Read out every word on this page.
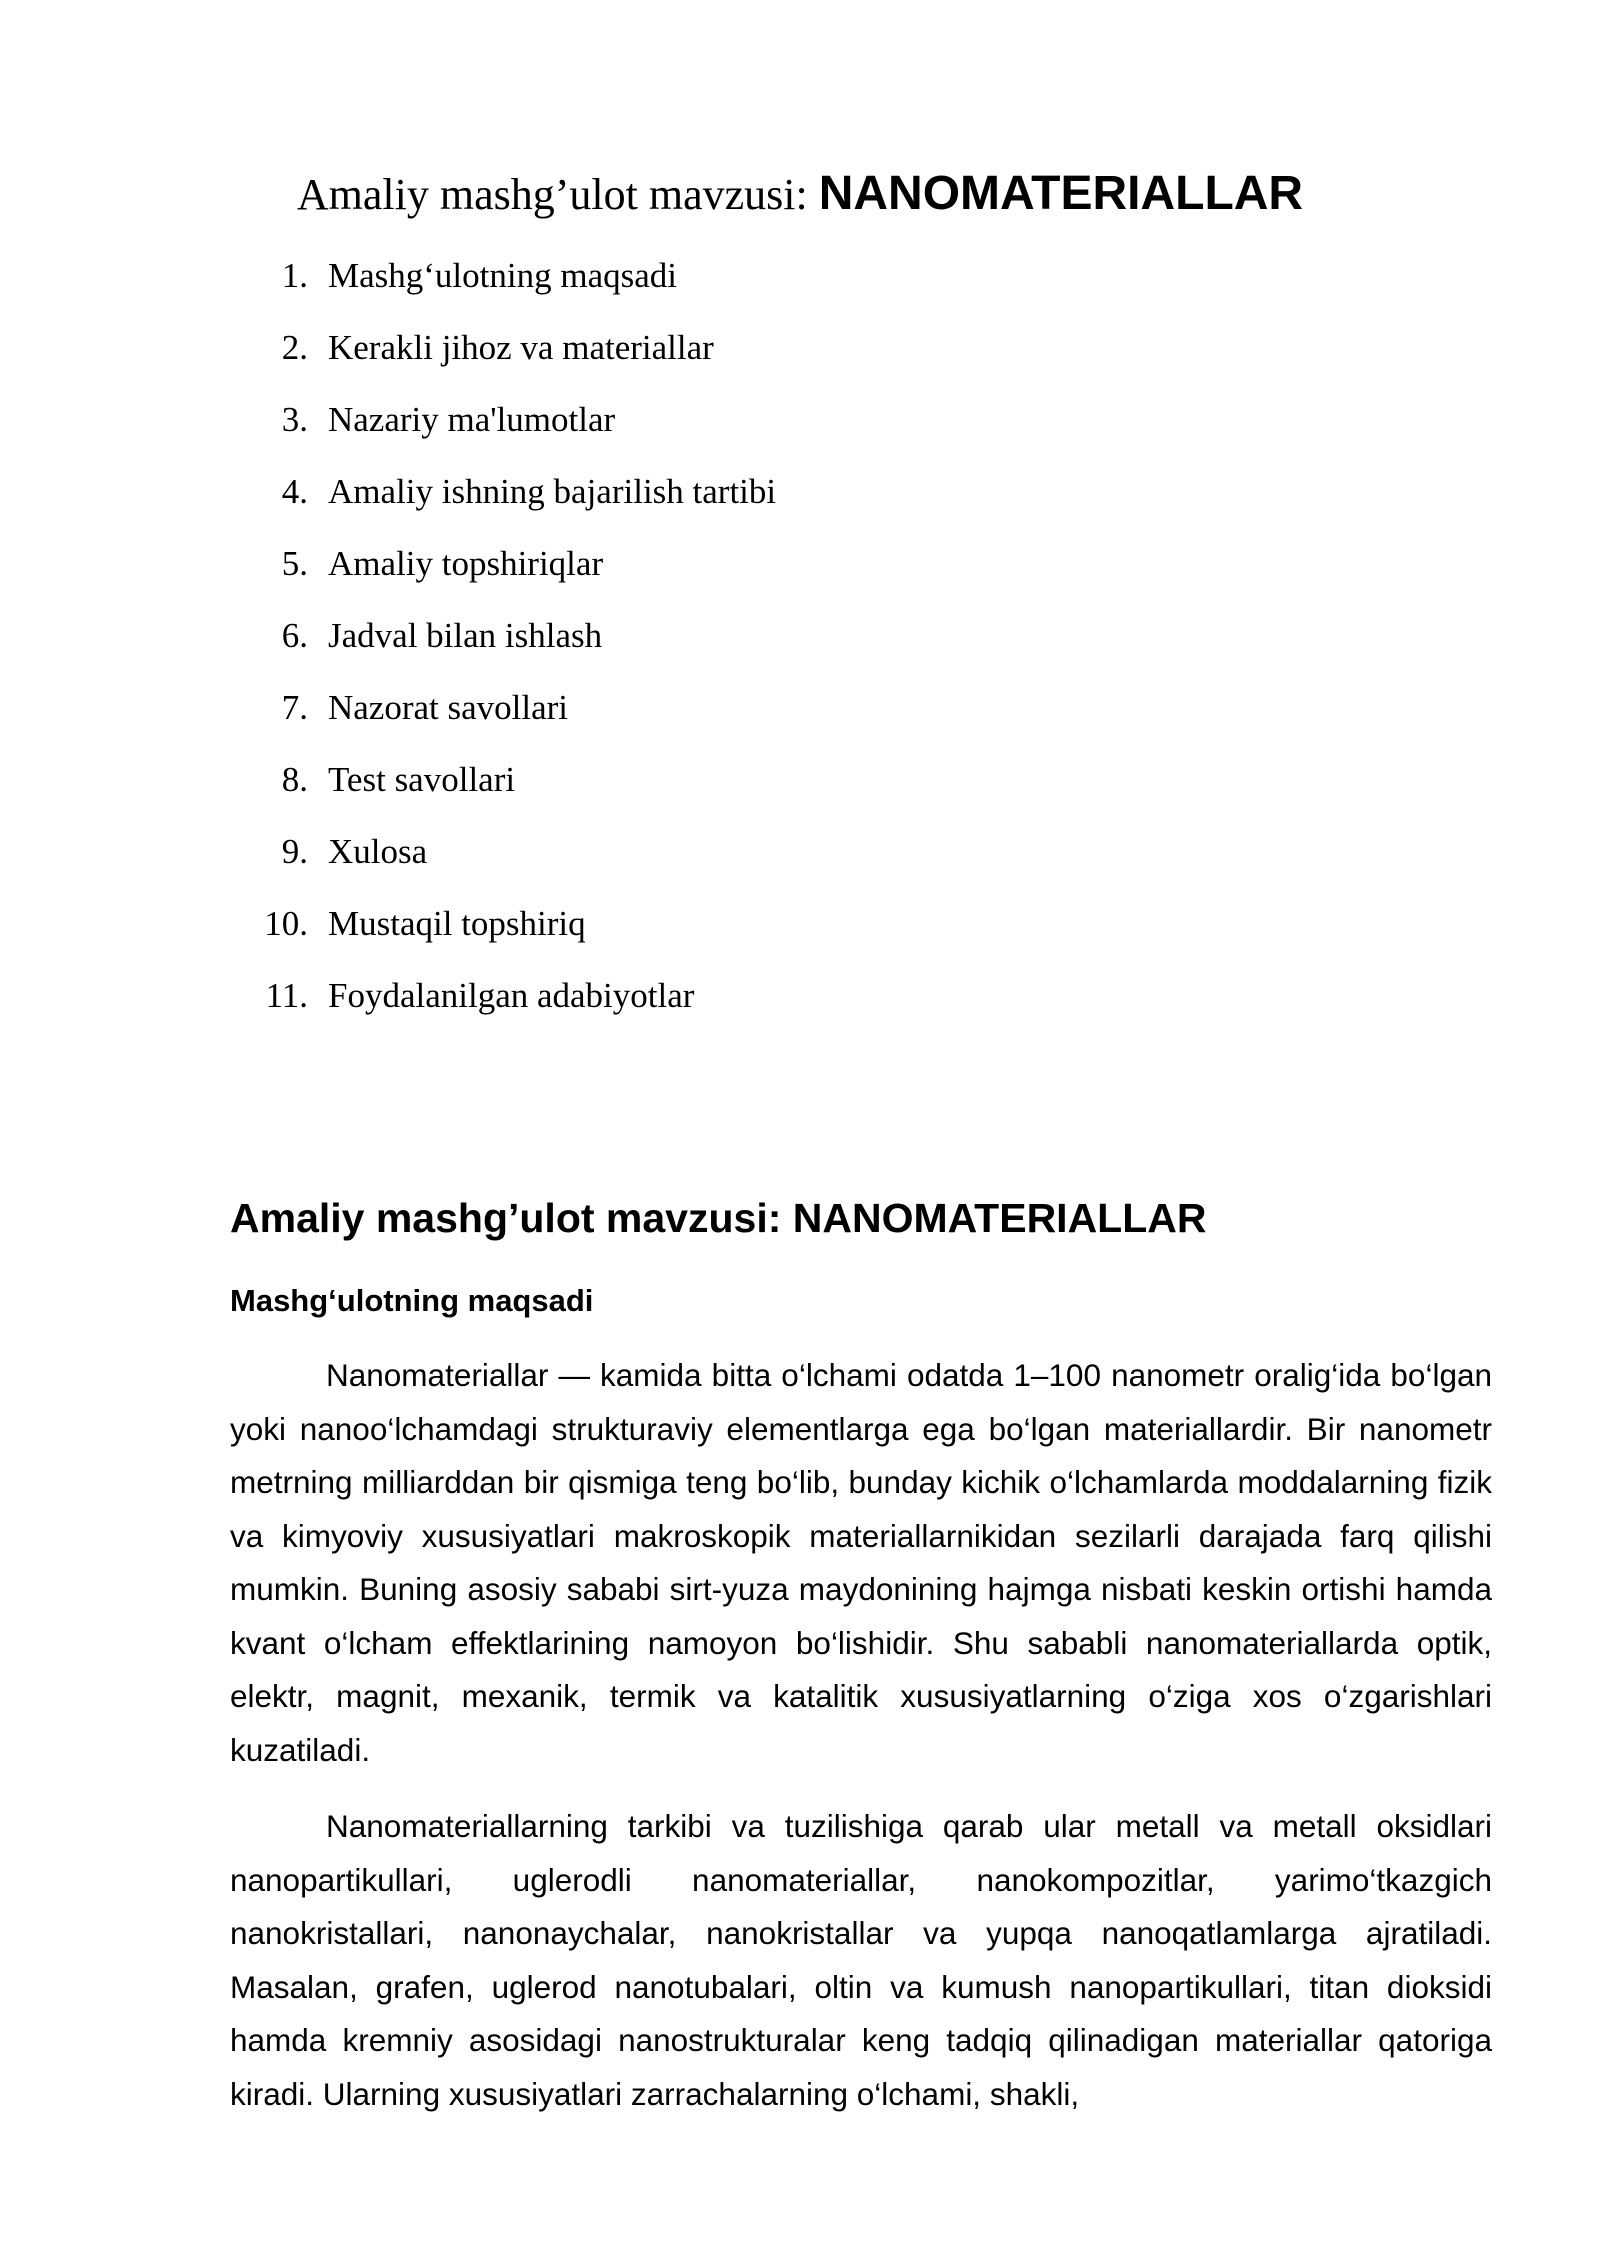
Amaliy mashg’ulot mavzusi: NANOMATERIALLAR
1. Mashg‘ulotning maqsadi
2. Kerakli jihoz va materiallar
3. Nazariy ma'lumotlar
4. Amaliy ishning bajarilish tartibi
5. Amaliy topshiriqlar
6. Jadval bilan ishlash
7. Nazorat savollari
8. Test savollari
9. Xulosa
10. Mustaqil topshiriq
11. Foydalanilgan adabiyotlar
Amaliy mashg’ulot mavzusi: NANOMATERIALLAR
Mashg‘ulotning maqsadi

Nanomateriallar — kamida bitta o‘lchami odatda 1–100 nanometr oralig‘ida bo‘lgan yoki nanoo‘lchamdagi strukturaviy elementlarga ega bo‘lgan materiallardir. Bir nanometr metrning milliarddan bir qismiga teng bo‘lib, bunday kichik o‘lchamlarda moddalarning fizik va kimyoviy xususiyatlari makroskopik materiallarnikidan sezilarli darajada farq qilishi mumkin. Buning asosiy sababi sirt-yuza maydonining hajmga nisbati keskin ortishi hamda kvant o‘lcham effektlarining namoyon bo‘lishidir. Shu sababli nanomateriallarda optik, elektr, magnit, mexanik, termik va katalitik xususiyatlarning o‘ziga xos o‘zgarishlari kuzatiladi.

Nanomateriallarning tarkibi va tuzilishiga qarab ular metall va metall oksidlari nanopartikullari, uglerodli nanomateriallar, nanokompozitlar, yarimo‘tkazgich nanokristallari, nanonaychalar, nanokristallar va yupqa nanoqatlamlarga ajratiladi. Masalan, grafen, uglerod nanotubalari, oltin va kumush nanopartikullari, titan dioksidi hamda kremniy asosidagi nanostrukturalar keng tadqiq qilinadigan materiallar qatoriga kiradi. Ularning xususiyatlari zarrachalarning o‘lchami, shakli,
